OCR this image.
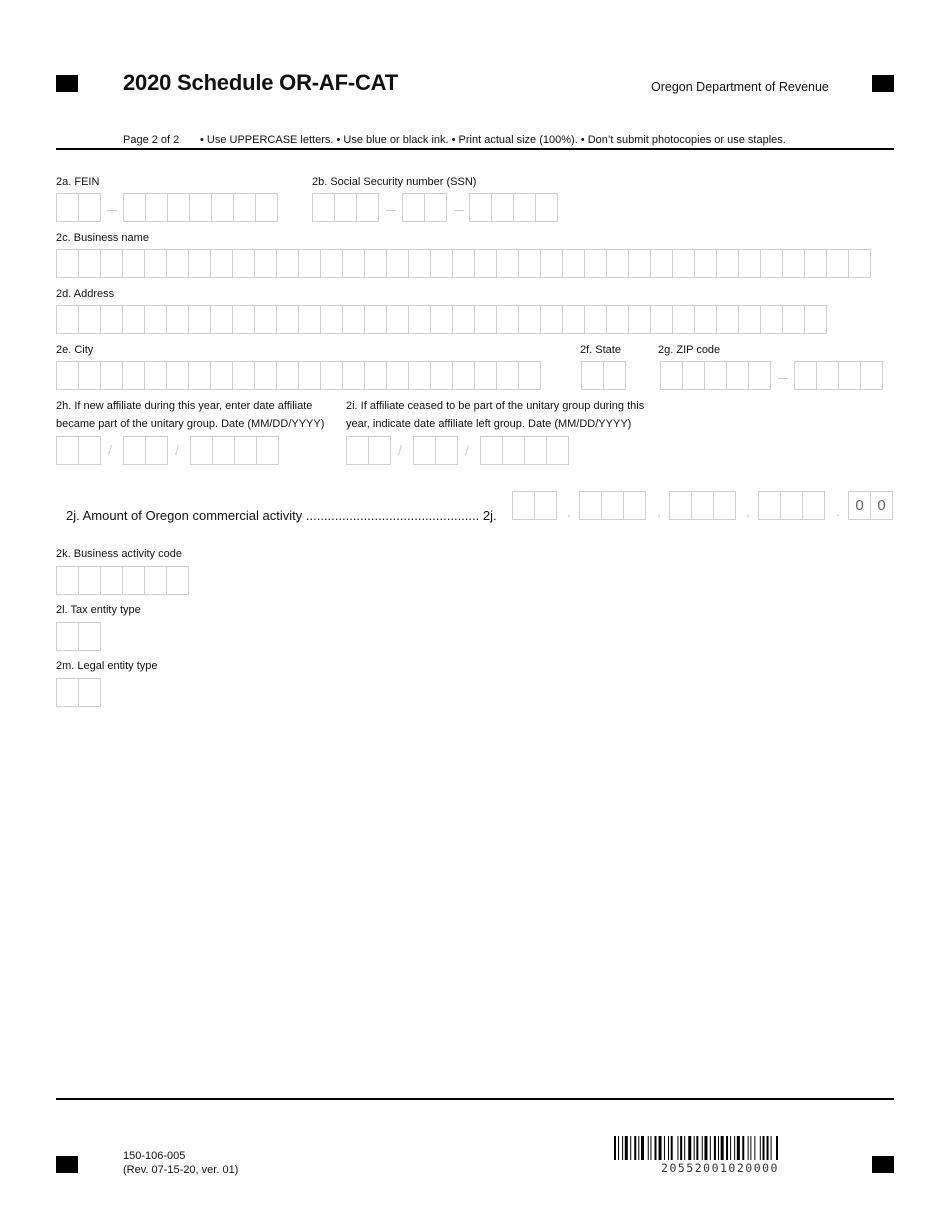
2020 Schedule OR-AF-CAT	Oregon Department of Revenue
Page 2 of 2 • Use UPPERCASE letters. • Use blue or black ink. • Print actual size (100%). • Don’t submit photocopies or use staples.
2a. FEIN	2b. Social Security number (SSN)
2c. Business name
2d. Address
2e. City	2f. State	2g. ZIP code
2h. If new affiliate during this year, enter date affiliate
became part of the unitary group. Date (MM/DD/YYYY)
/	/
2i. If affiliate ceased to be part of the unitary group during this
year, indicate date affiliate left group. Date (MM/DD/YYYY)
/	/
2j. Amount of Oregon commercial activity ................................................ 2j.	,	,	,	.	0 0
2k. Business activity code
2l. Tax entity type
2m. Legal entity type
150-106-005
(Rev. 07-15-20, ver. 01)	20552001020000
